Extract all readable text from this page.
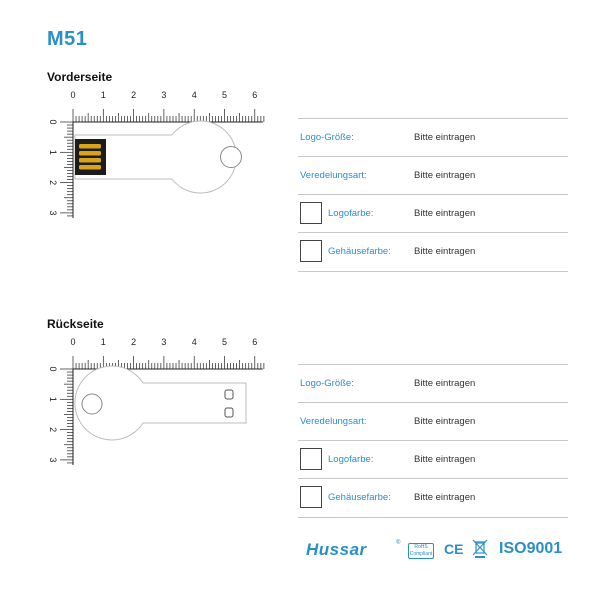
M51
Vorderseite
0	1	2	3	4	5	6
0
1
2
3
Logo-Größe:	Bitte eintragen
Veredelungsart:	Bitte eintragen
Logofarbe:	Bitte eintragen
Gehäusefarbe: Bitte eintragen
Rückseite
0	1	2	3	4	5	6
0
1
2
3
Logo-Größe:	Bitte eintragen
Veredelungsart:	Bitte eintragen
Logofarbe:	Bitte eintragen
Gehäusefarbe: Bitte eintragen
Hussar	®
RoHS
Compliant CE ISO9001
